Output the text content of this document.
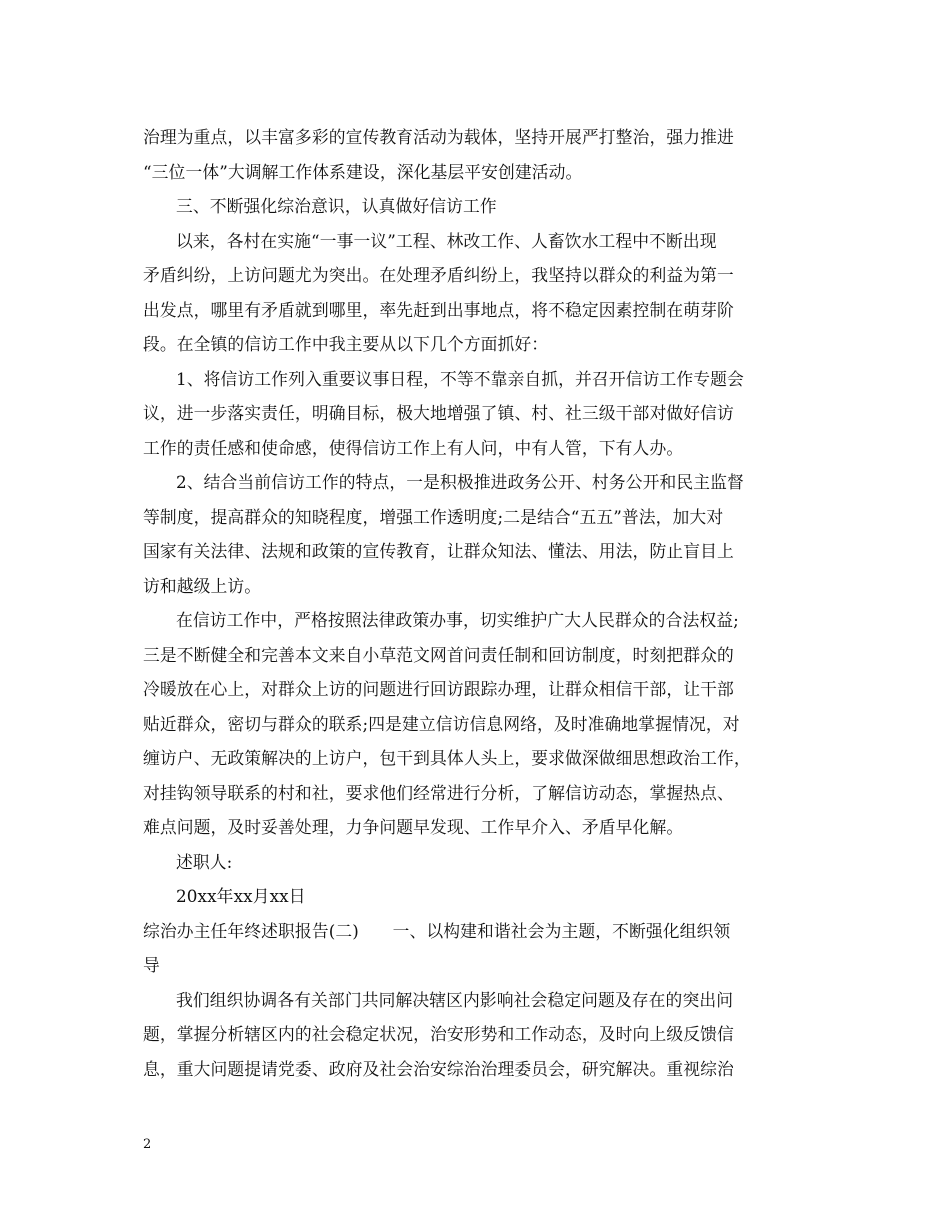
治理为重点，以丰富多彩的宣传教育活动为载体，坚持开展严打整治，强力推进
“三位一体”大调解工作体系建设，深化基层平安创建活动。
三、不断强化综治意识，认真做好信访工作
以来，各村在实施“一事一议”工程、林改工作、人畜饮水工程中不断出现
矛盾纠纷，上访问题尤为突出。在处理矛盾纠纷上，我坚持以群众的利益为第一
出发点，哪里有矛盾就到哪里，率先赶到出事地点，将不稳定因素控制在萌芽阶
段。在全镇的信访工作中我主要从以下几个方面抓好：
1、将信访工作列入重要议事日程，不等不靠亲自抓，并召开信访工作专题会
议，进一步落实责任，明确目标，极大地增强了镇、村、社三级干部对做好信访
工作的责任感和使命感，使得信访工作上有人问，中有人管，下有人办。
2、结合当前信访工作的特点，一是积极推进政务公开、村务公开和民主监督
等制度，提高群众的知晓程度，增强工作透明度;二是结合“五五”普法，加大对
国家有关法律、法规和政策的宣传教育，让群众知法、懂法、用法，防止盲目上
访和越级上访。
在信访工作中，严格按照法律政策办事，切实维护广大人民群众的合法权益;
三是不断健全和完善本文来自小草范文网首问责任制和回访制度，时刻把群众的
冷暖放在心上，对群众上访的问题进行回访跟踪办理，让群众相信干部，让干部
贴近群众，密切与群众的联系;四是建立信访信息网络，及时准确地掌握情况，对
缠访户、无政策解决的上访户，包干到具体人头上，要求做深做细思想政治工作，
对挂钩领导联系的村和社，要求他们经常进行分析，了解信访动态，掌握热点、
难点问题，及时妥善处理，力争问题早发现、工作早介入、矛盾早化解。
述职人:
20xx年xx月xx日
综治办主任年终述职报告(二)　　一、以构建和谐社会为主题，不断强化组织领
导
我们组织协调各有关部门共同解决辖区内影响社会稳定问题及存在的突出问
题，掌握分析辖区内的社会稳定状况，治安形势和工作动态，及时向上级反馈信
息，重大问题提请党委、政府及社会治安综治治理委员会，研究解决。重视综治
2
